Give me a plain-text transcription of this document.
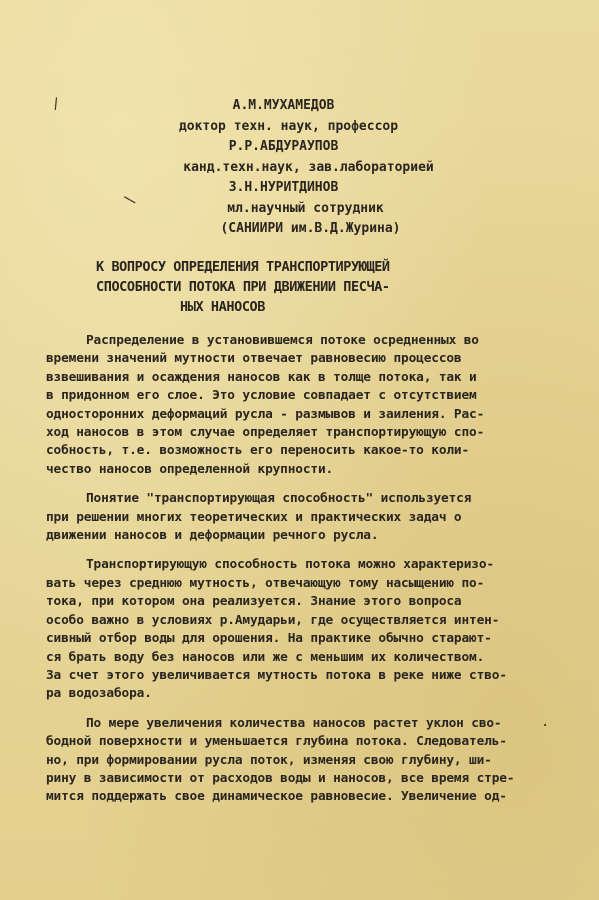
А.М.МУХАМЕДОВ
доктор техн. наук, профессор
Р.Р.АБДУРАУПОВ
канд.техн.наук, зав.лабораторией
З.Н.НУРИТДИНОВ
мл.научный сотрудник
(САНИИРИ им.В.Д.Журина)
К ВОПРОСУ ОПРЕДЕЛЕНИЯ ТРАНСПОРТИРУЮЩЕЙ
СПОСОБНОСТИ ПОТОКА ПРИ ДВИЖЕНИИ ПЕСЧА-
НЫХ НАНОСОВ
Распределение в установившемся потоке осредненных во
времени значений мутности отвечает равновесию процессов
взвешивания и осаждения наносов как в толще потока, так и
в придонном его слое. Это условие совпадает с отсутствием
односторонних деформаций русла - размывов и заиления. Рас-
ход наносов в этом случае определяет транспортирующую спо-
собность, т.е. возможность его переносить какое-то коли-
чество наносов определенной крупности.
Понятие "транспортирующая способность" используется
при решении многих теоретических и практических задач о
движении наносов и деформации речного русла.
Транспортирующую способность потока можно характеризо-
вать через среднюю мутность, отвечающую тому насыщению по-
тока, при котором она реализуется. Знание этого вопроса
особо важно в условиях р.Амударьи, где осуществляется интен-
сивный отбор воды для орошения. На практике обычно старают-
ся брать воду без наносов или же с меньшим их количеством.
За счет этого увеличивается мутность потока в реке ниже ство-
ра водозабора.
По мере увеличения количества наносов растет уклон сво-
бодной поверхности и уменьшается глубина потока. Следователь-
но, при формировании русла поток, изменяя свою глубину, ши-
рину в зависимости от расходов воды и наносов, все время стре-
мится поддержать свое динамическое равновесие. Увеличение од-
/
\
·
